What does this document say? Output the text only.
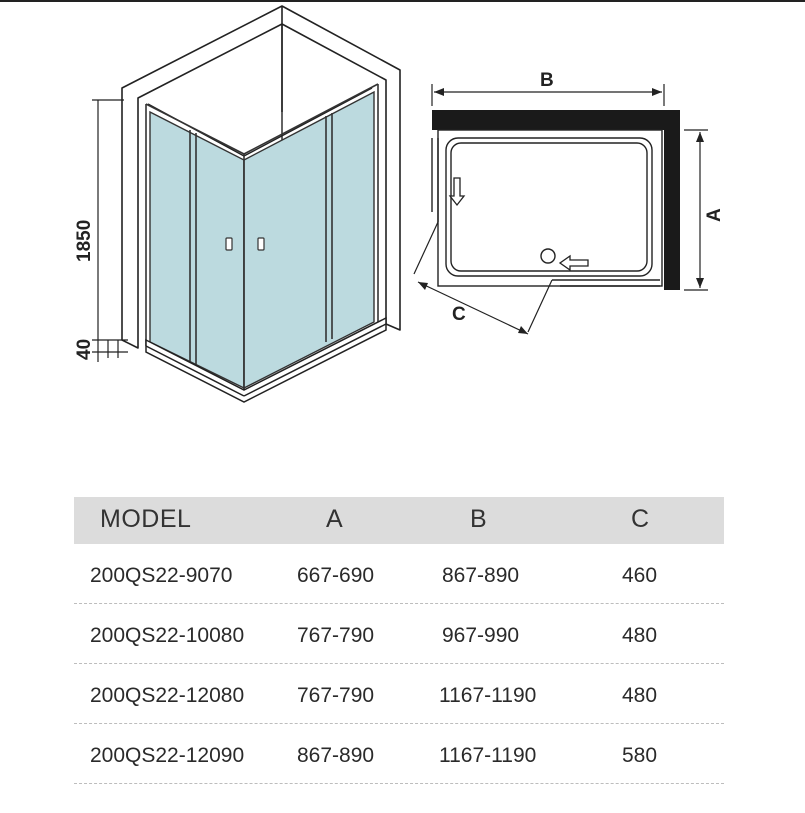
1850
40
B
A
C
MODEL	A	B	C
200QS22-9070	667-690	867-890	460
200QS22-10080	767-790	967-990	480
200QS22-12080	767-790	1167-1190	480
200QS22-12090	867-890	1167-1190	580
